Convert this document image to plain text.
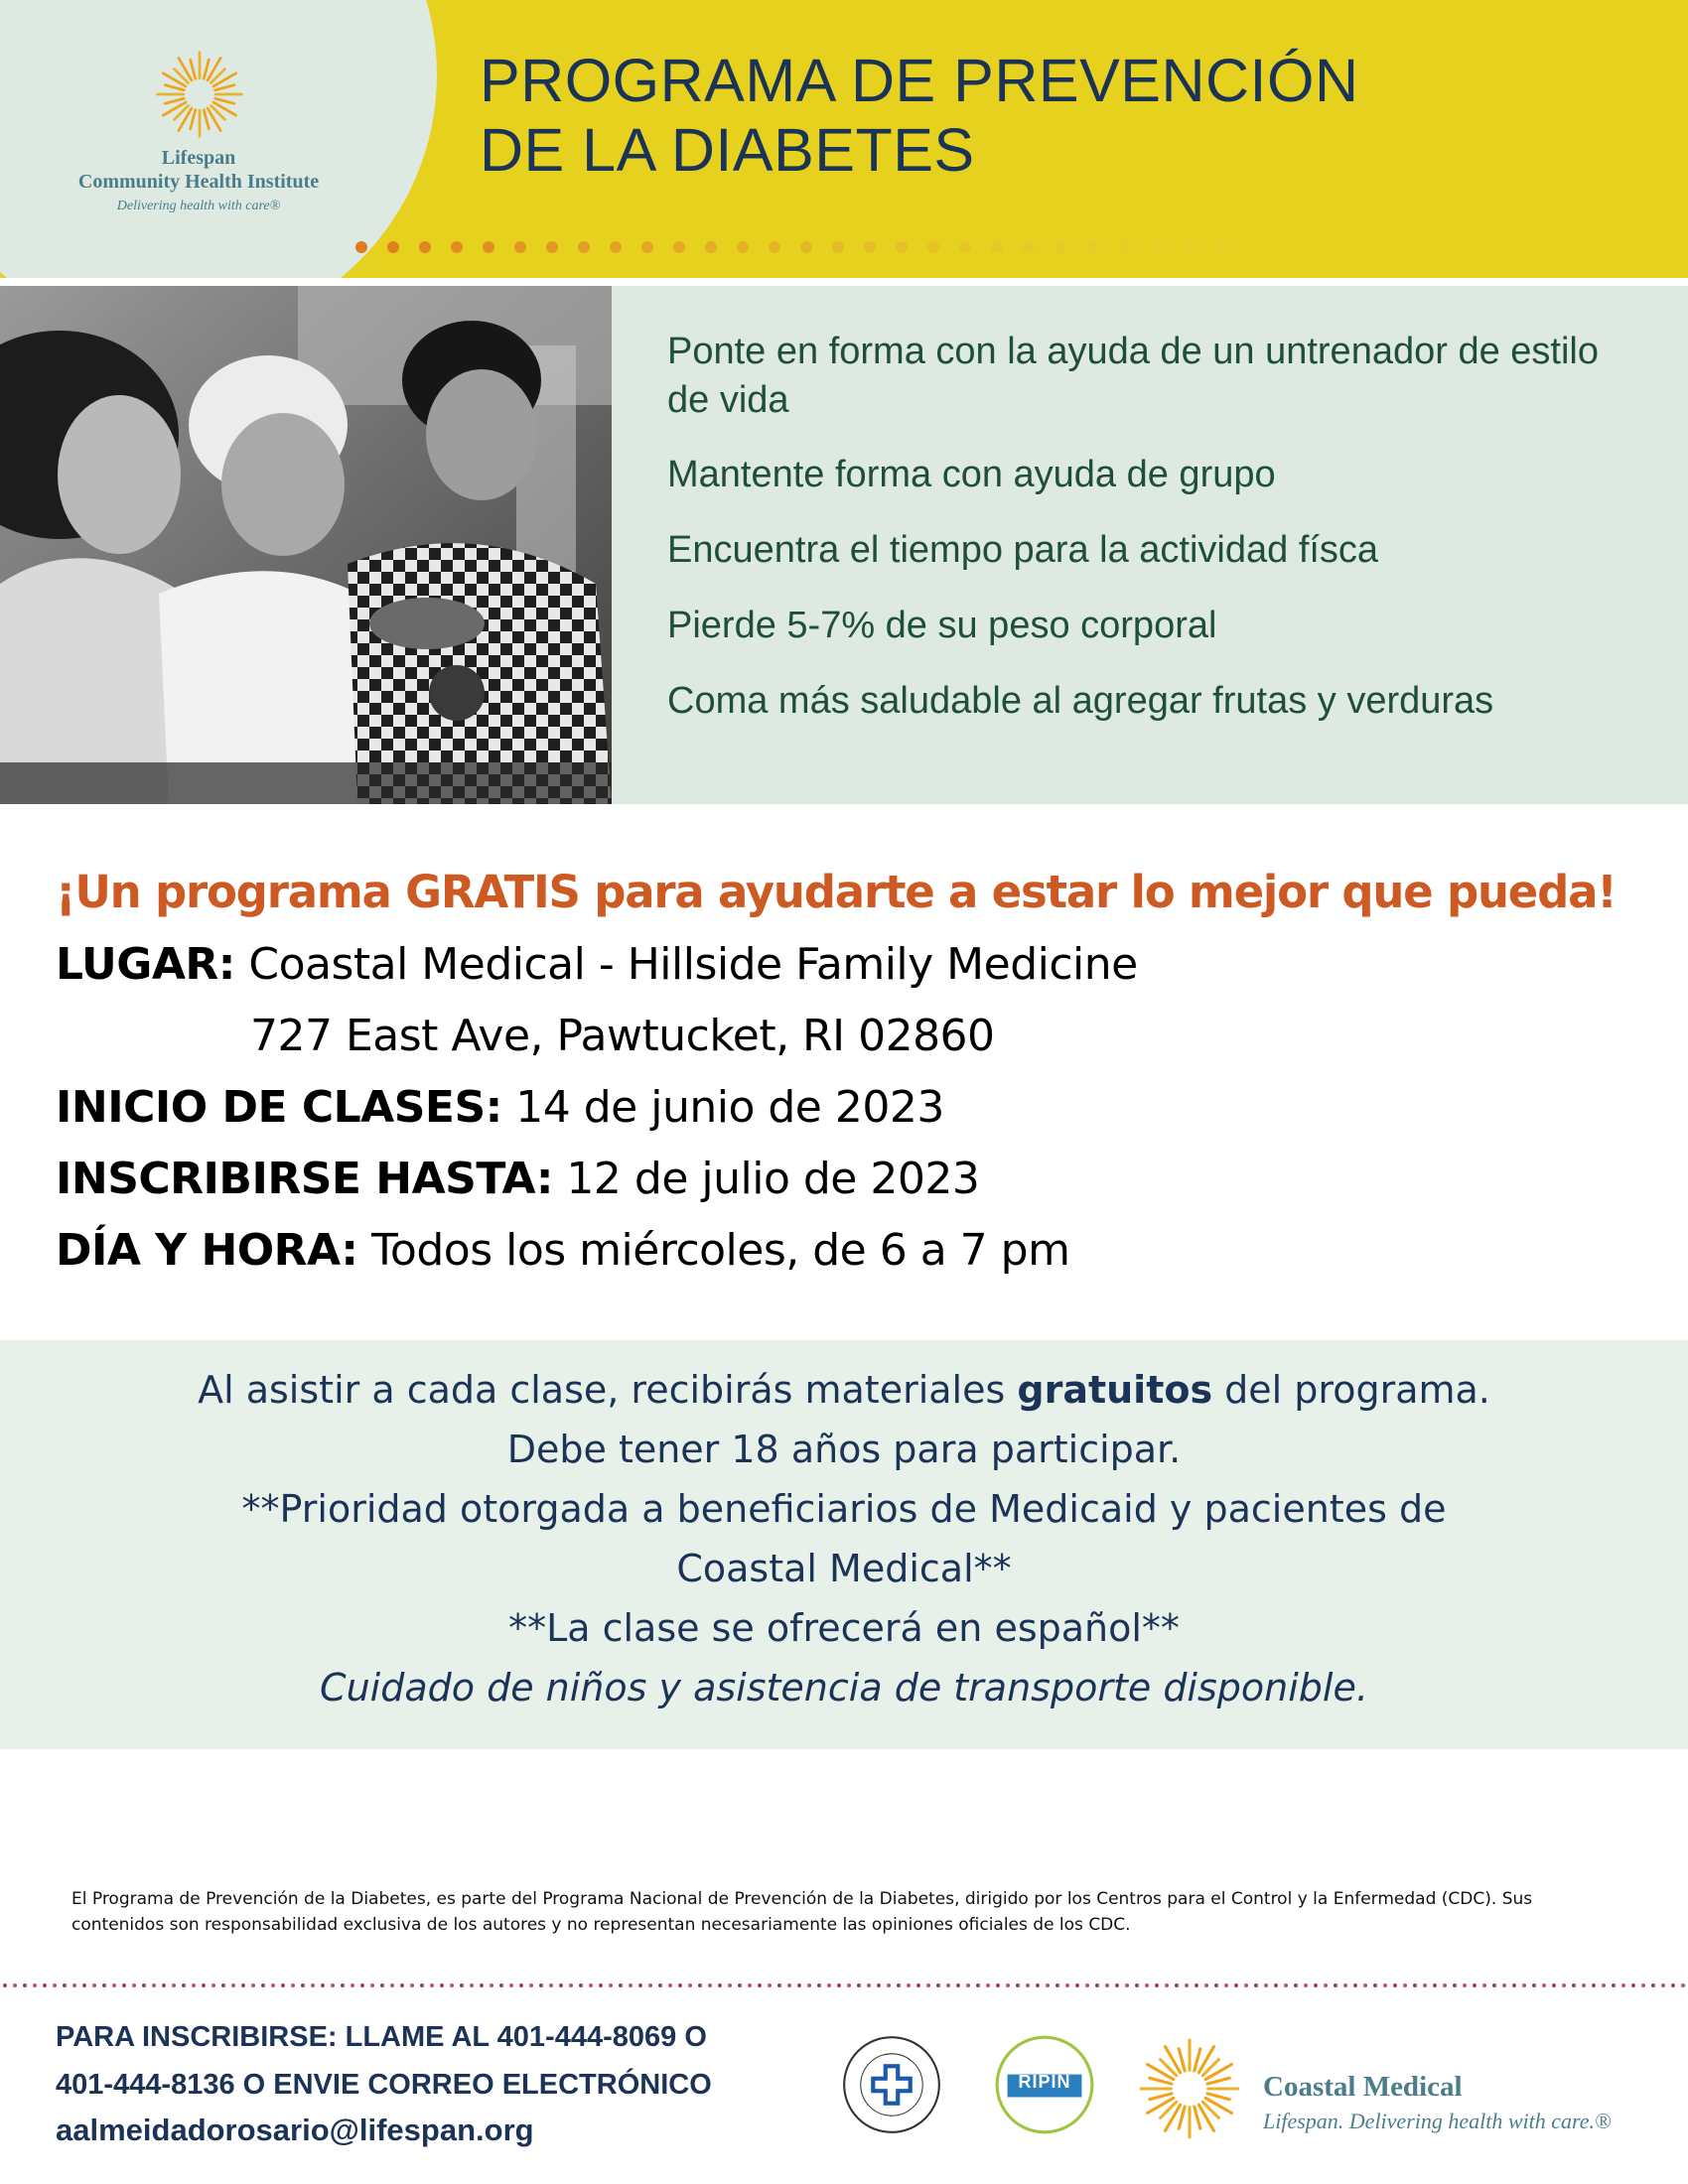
Lifespan
Community Health Institute
Delivering health with care®
PROGRAMA DE PREVENCIÓN
DE LA DIABETES
Ponte en forma con la ayuda de un untrenador de estilo de vida
Mantente forma con ayuda de grupo
Encuentra el tiempo para la actividad físca
Pierde 5-7% de su peso corporal
Coma más saludable al agregar frutas y verduras
¡Un programa GRATIS para ayudarte a estar lo mejor que pueda!
LUGAR: Coastal Medical - Hillside Family Medicine
727 East Ave, Pawtucket, RI 02860
INICIO DE CLASES: 14 de junio de 2023
INSCRIBIRSE HASTA: 12 de julio de 2023
DÍA Y HORA: Todos los miércoles, de 6 a 7 pm
Al asistir a cada clase, recibirás materiales gratuitos del programa.
Debe tener 18 años para participar.
**Prioridad otorgada a beneficiarios de Medicaid y pacientes de
Coastal Medical**
**La clase se ofrecerá en español**
Cuidado de niños y asistencia de transporte disponible.

El Programa de Prevención de la Diabetes, es parte del Programa Nacional de Prevención de la Diabetes, dirigido por los Centros para el Control y la Enfermedad (CDC). Sus contenidos son responsabilidad exclusiva de los autores y no representan necesariamente las opiniones oficiales de los CDC.

PARA INSCRIBIRSE: LLAME AL 401-444-8069 O
401-444-8136 O ENVIE CORREO ELECTRÓNICO
aalmeidadorosario@lifespan.org
RIPIN	Coastal Medical
Lifespan. Delivering health with care.®
